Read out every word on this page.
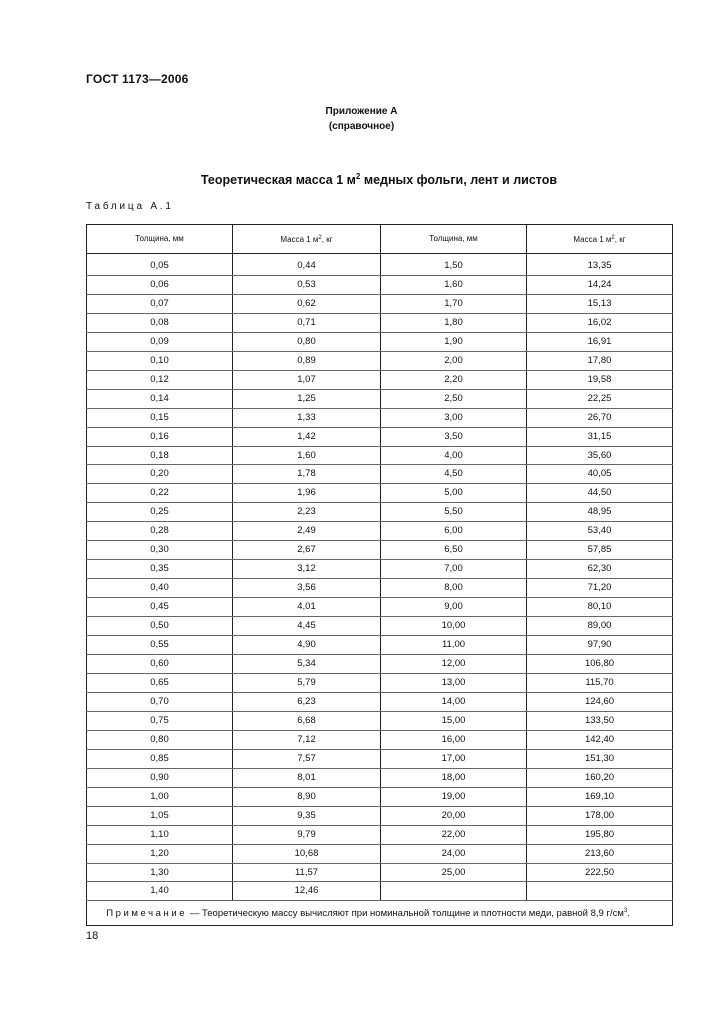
ГОСТ 1173—2006
Приложение А
(справочное)
Теоретическая масса 1 $м^2$ медных фольги, лент и листов
Таблица А.1
Толщина, мм	Масса 1 $м^2$, кг	Толщина, мм	Масса 1 $м^2$, кг
0,05	0,44	1,50	13,35
0,06	0,53	1,60	14,24
0,07	0,62	1,70	15,13
0,08	0,71	1,80	16,02
0,09	0,80	1,90	16,91
0,10	0,89	2,00	17,80
0,12	1,07	2,20	19,58
0,14	1,25	2,50	22,25
0,15	1,33	3,00	26,70
0,16	1,42	3,50	31,15
0,18	1,60	4,00	35,60
0,20	1,78	4,50	40,05
0,22	1,96	5,00	44,50
0,25	2,23	5,50	48,95
0,28	2,49	6,00	53,40
0,30	2,67	6,50	57,85
0,35	3,12	7,00	62,30
0,40	3,56	8,00	71,20
0,45	4,01	9,00	80,10
0,50	4,45	10,00	89,00
0,55	4,90	11,00	97,90
0,60	5,34	12,00	106,80
0,65	5,79	13,00	115,70
0,70	6,23	14,00	124,60
0,75	6,68	15,00	133,50
0,80	7,12	16,00	142,40
0,85	7,57	17,00	151,30
0,90	8,01	18,00	160,20
1,00	8,90	19,00	169,10
1,05	9,35	20,00	178,00
1,10	9,79	22,00	195,80
1,20	10,68	24,00	213,60
1,30	11,57	25,00	222,50
1,40	12,46		
Примечание — Теоретическую массу вычисляют при номинальной толщине и плотности меди, равной 8,9 $г/см^3$.			
18
